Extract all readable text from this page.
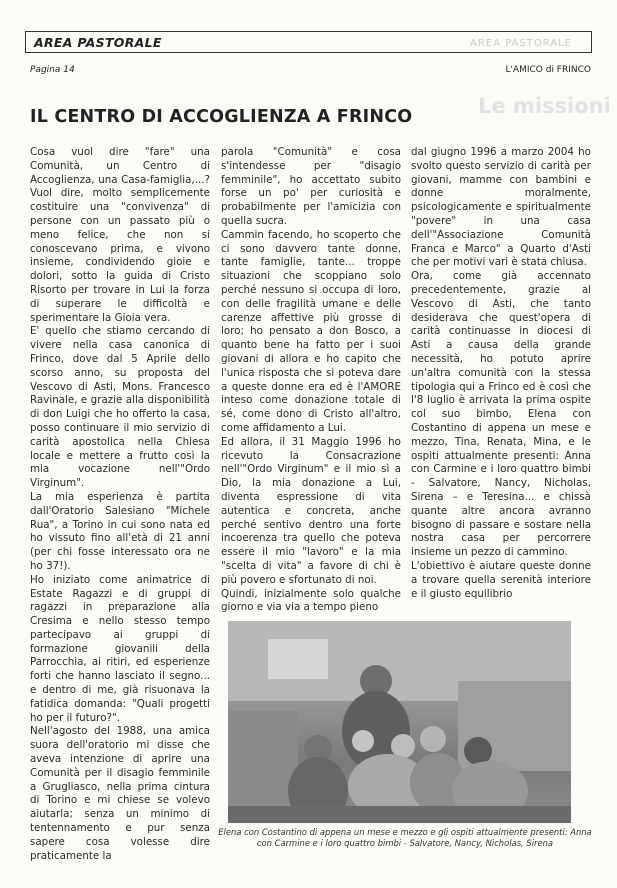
AREA PASTORALE	AREA PASTORALE
Pagina 14	L'AMICO di FRINCO
Le missioni
IL CENTRO DI ACCOGLIENZA A FRINCO

Cosa vuol dire "fare" una Comunità, un Centro di Accoglienza, una Casa-famiglia,...? Vuol dire, molto semplicemente costituire una "convivenza" di persone con un passato più o meno felice, che non si conoscevano prima, e vivono insieme, condividendo gioie e dolori, sotto la guida di Cristo Risorto per trovare in Lui la forza di superare le difficoltà e sperimentare la Gioia vera.

E' quello che stiamo cercando di vivere nella casa canonica di Frinco, dove dal 5 Aprile dello scorso anno, su proposta del Vescovo di Asti, Mons. Francesco Ravinale, e grazie alla disponibilità di don Luigi che ho offerto la casa, posso continuare il mio servizio di carità apostolica nella Chiesa locale e mettere a frutto così la mia vocazione nell'"Ordo Virginum".

La mia esperienza è partita dall'Oratorio Salesiano "Michele Rua", a Torino in cui sono nata ed ho vissuto fino all'età di 21 anni (per chi fosse interessato ora ne ho 37!).

Ho iniziato come animatrice di Estate Ragazzi e di gruppi di ragazzi in preparazione alla Cresima e nello stesso tempo partecipavo ai gruppi di formazione giovanili della Parrocchia, ai ritiri, ed esperienze forti che hanno lasciato il segno... e dentro di me, già risuonava la fatidica domanda: "Quali progetti ho per il futuro?".

Nell'agosto del 1988, una amica suora dell'oratorio mi disse che aveva intenzione di aprire una Comunità per il disagio femminile a Grugliasco, nella prima cintura di Torino e mi chiese se volevo aiutarla; senza un minimo di tentennamento e pur senza sapere cosa volesse dire praticamente la

parola "Comunità" e cosa s'intendesse per "disagio femminile", ho accettato subito forse un po' per curiosità e probabilmente per l'amicizia con quella sucra.

Cammin facendo, ho scoperto che ci sono davvero tante donne, tante famiglie, tante... troppe situazioni che scoppiano solo perché nessuno si occupa di loro, con delle fragilità umane e delle carenze affettive più grosse di loro; ho pensato a don Bosco, a quanto bene ha fatto per i suoi giovani di allora e ho capito che l'unica risposta che si poteva dare a queste donne era ed è l'AMORE inteso come donazione totale di sé, come dono di Cristo all'altro, come affidamento a Lui.

Ed allora, il 31 Maggio 1996 ho ricevuto la Consacrazione nell'"Ordo Virginum" e il mio sì a Dio, la mia donazione a Lui, diventa espressione di vita autentica e concreta, anche perché sentivo dentro una forte incoerenza tra quello che poteva essere il mio "lavoro" e la mia "scelta di vita" a favore di chi è più povero e sfortunato di noi.

Quindi, inizialmente solo qualche giorno e via via a tempo pieno

dal giugno 1996 a marzo 2004 ho svolto questo servizio di carità per giovani, mamme con bambini e donne moralmente, psicologicamente e spiritualmente "povere" in una casa dell'"Associazione Comunità Franca e Marco" a Quarto d'Asti che per motivi vari è stata chiusa.

Ora, come già accennato precedentemente, grazie al Vescovo di Asti, che tanto desiderava che quest'opera di carità continuasse in diocesi di Asti a causa della grande necessità, ho potuto aprire un'altra comunità con la stessa tipologia qui a Frinco ed è così che l'8 luglio è arrivata la prima ospite col suo bimbo, Elena con Costantino di appena un mese e mezzo, Tina, Renata, Mina, e le ospiti attualmente presenti: Anna con Carmine e i loro quattro bimbi - Salvatore, Nancy, Nicholas, Sirena – e Teresina... e chissà quante altre ancora avranno bisogno di passare e sostare nella nostra casa per percorrere insieme un pezzo di cammino.

L'obiettivo è aiutare queste donne a trovare quella serenità interiore e il giusto equilibrio

Elena con Costantino di appena un mese e mezzo e gli ospiti attualmente presenti: Anna con Carmine e i loro quattro bimbi - Salvatore, Nancy, Nicholas, Sirena
